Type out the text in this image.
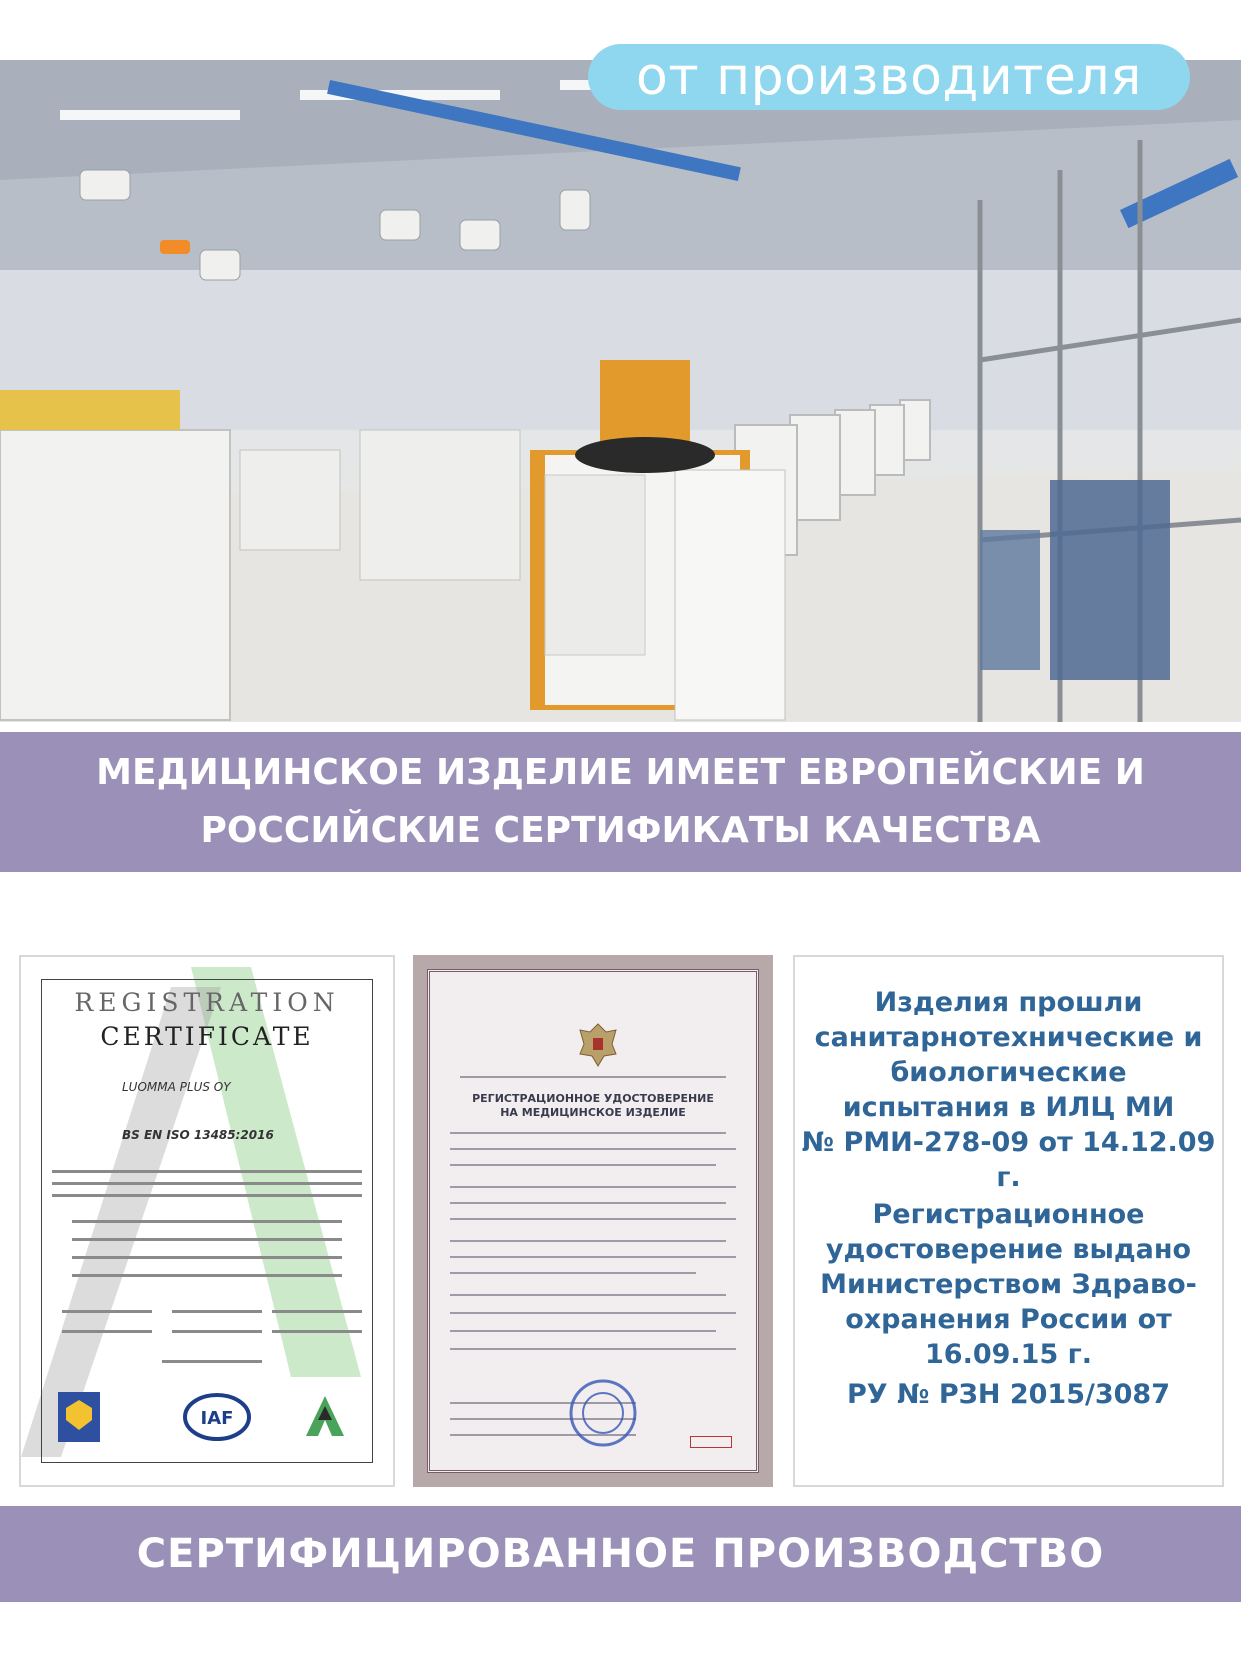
от производителя
МЕДИЦИНСКОЕ ИЗДЕЛИЕ ИМЕЕТ ЕВРОПЕЙСКИЕ И
РОССИЙСКИЕ СЕРТИФИКАТЫ КАЧЕСТВА
REGISTRATION
CERTIFICATE
LUOMMA PLUS OY
BS EN ISO 13485:2016
IAF
РЕГИСТРАЦИОННОЕ УДОСТОВЕРЕНИЕ
НА МЕДИЦИНСКОЕ ИЗДЕЛИЕ
Изделия прошли
санитарнотехнические и
биологические
испытания в ИЛЦ МИ
№ РМИ-278-09 от 14.12.09 г.
Регистрационное
удостоверение выдано
Министерством Здраво-
охранения России от
16.09.15 г.
РУ № РЗН 2015/3087
СЕРТИФИЦИРОВАННОЕ ПРОИЗВОДСТВО
